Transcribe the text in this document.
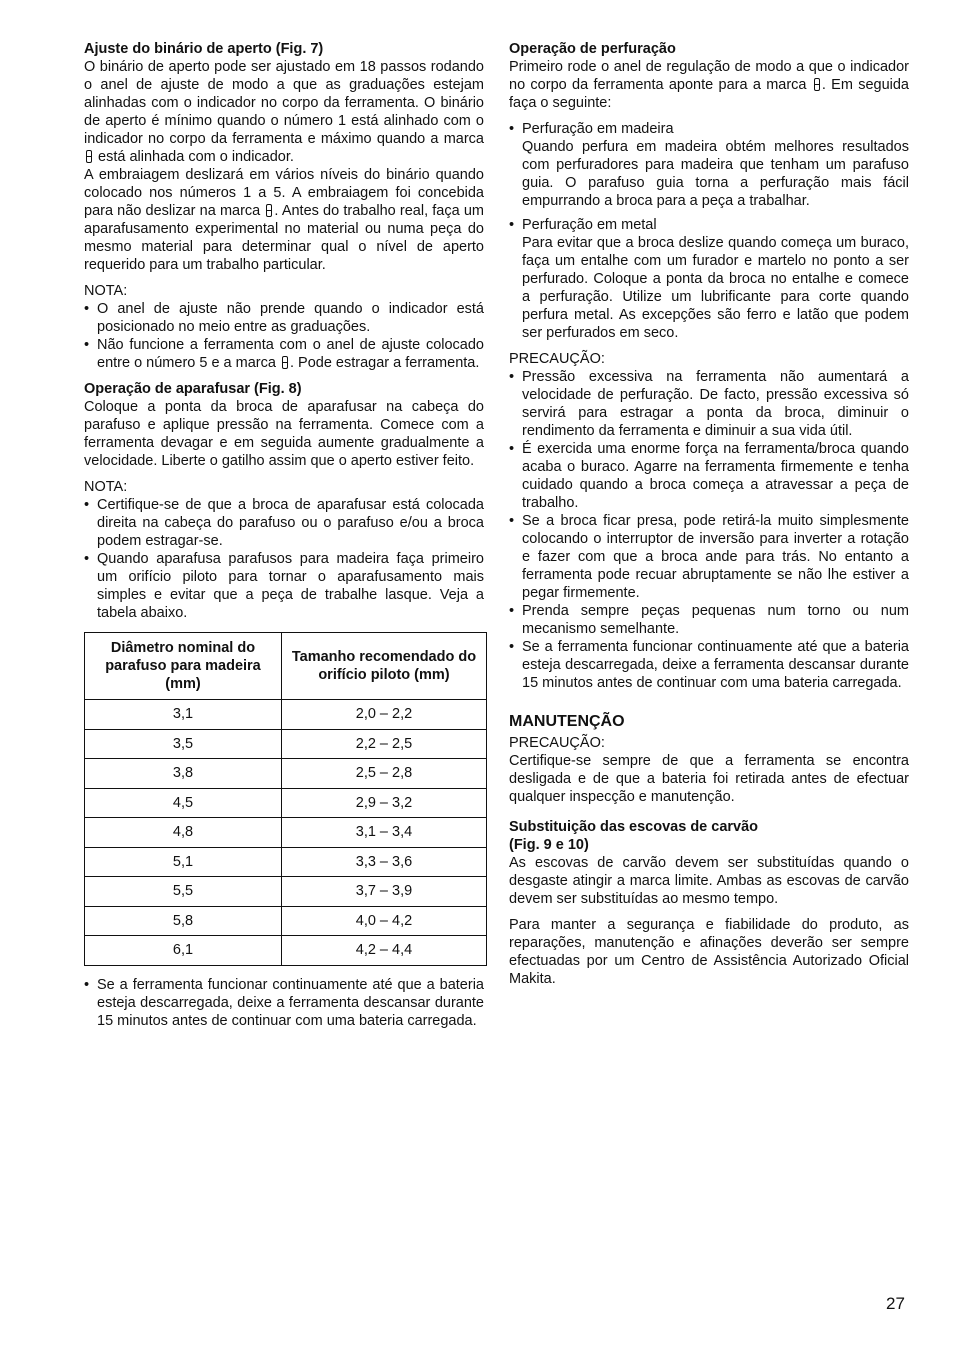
Ajuste do binário de aperto (Fig. 7)

O binário de aperto pode ser ajustado em 18 passos rodando o anel de ajuste de modo a que as graduações estejam alinhadas com o indicador no corpo da ferramenta. O binário de aperto é mínimo quando o número 1 está alinhado com o indicador no corpo da ferramenta e máximo quando a marca  está alinhada com o indicador.

A embraiagem deslizará em vários níveis do binário quando colocado nos números 1 a 5. A embraiagem foi concebida para não deslizar na marca . Antes do trabalho real, faça um aparafusamento experimental no material ou numa peça do mesmo material para determinar qual o nível de aperto requerido para um trabalho particular.

NOTA:

• O anel de ajuste não prende quando o indicador está posicionado no meio entre as graduações.
• Não funcione a ferramenta com o anel de ajuste colocado entre o número 5 e a marca . Pode estragar a ferramenta.
Operação de aparafusar (Fig. 8)

Coloque a ponta da broca de aparafusar na cabeça do parafuso e aplique pressão na ferramenta. Comece com a ferramenta devagar e em seguida aumente gradualmente a velocidade. Liberte o gatilho assim que o aperto estiver feito.

NOTA:

• Certifique-se de que a broca de aparafusar está colocada direita na cabeça do parafuso ou o parafuso e/ou a broca podem estragar-se.
• Quando aparafusa parafusos para madeira faça primeiro um orifício piloto para tornar o aparafusamento mais simples e evitar que a peça de trabalhe lasque. Veja a tabela abaixo.
Diâmetro nominal do parafuso para madeira (mm)	Tamanho recomendado do orifício piloto (mm)
3,1	2,0 – 2,2
3,5	2,2 – 2,5
3,8	2,5 – 2,8
4,5	2,9 – 3,2
4,8	3,1 – 3,4
5,1	3,3 – 3,6
5,5	3,7 – 3,9
5,8	4,0 – 4,2
6,1	4,2 – 4,4
• Se a ferramenta funcionar continuamente até que a bateria esteja descarregada, deixe a ferramenta descansar durante 15 minutos antes de continuar com uma bateria carregada.
Operação de perfuração

Primeiro rode o anel de regulação de modo a que o indicador no corpo da ferramenta aponte para a marca . Em seguida faça o seguinte:

• Perfuração em madeira
Quando perfura em madeira obtém melhores resultados com perfuradores para madeira que tenham um parafuso guia. O parafuso guia torna a perfuração mais fácil empurrando a broca para a peça a trabalhar.
• Perfuração em metal
Para evitar que a broca deslize quando começa um buraco, faça um entalhe com um furador e martelo no ponto a ser perfurado. Coloque a ponta da broca no entalhe e comece a perfuração. Utilize um lubrificante para corte quando perfura metal. As excepções são ferro e latão que podem ser perfurados em seco.

PRECAUÇÃO:

• Pressão excessiva na ferramenta não aumentará a velocidade de perfuração. De facto, pressão excessiva só servirá para estragar a ponta da broca, diminuir o rendimento da ferramenta e diminuir a sua vida útil.
• É exercida uma enorme força na ferramenta/broca quando acaba o buraco. Agarre na ferramenta firmemente e tenha cuidado quando a broca começa a atravessar a peça de trabalho.
• Se a broca ficar presa, pode retirá-la muito simplesmente colocando o interruptor de inversão para inverter a rotação e fazer com que a broca ande para trás. No entanto a ferramenta pode recuar abruptamente se não lhe estiver a pegar firmemente.
• Prenda sempre peças pequenas num torno ou num mecanismo semelhante.
• Se a ferramenta funcionar continuamente até que a bateria esteja descarregada, deixe a ferramenta descansar durante 15 minutos antes de continuar com uma bateria carregada.
MANUTENÇÃO

PRECAUÇÃO:

Certifique-se sempre de que a ferramenta se encontra desligada e de que a bateria foi retirada antes de efectuar qualquer inspecção e manutenção.

Substituição das escovas de carvão
(Fig. 9 e 10)

As escovas de carvão devem ser substituídas quando o desgaste atingir a marca limite. Ambas as escovas de carvão devem ser substituídas ao mesmo tempo.

Para manter a segurança e fiabilidade do produto, as reparações, manutenção e afinações deverão ser sempre efectuadas por um Centro de Assistência Autorizado Oficial Makita.

27
